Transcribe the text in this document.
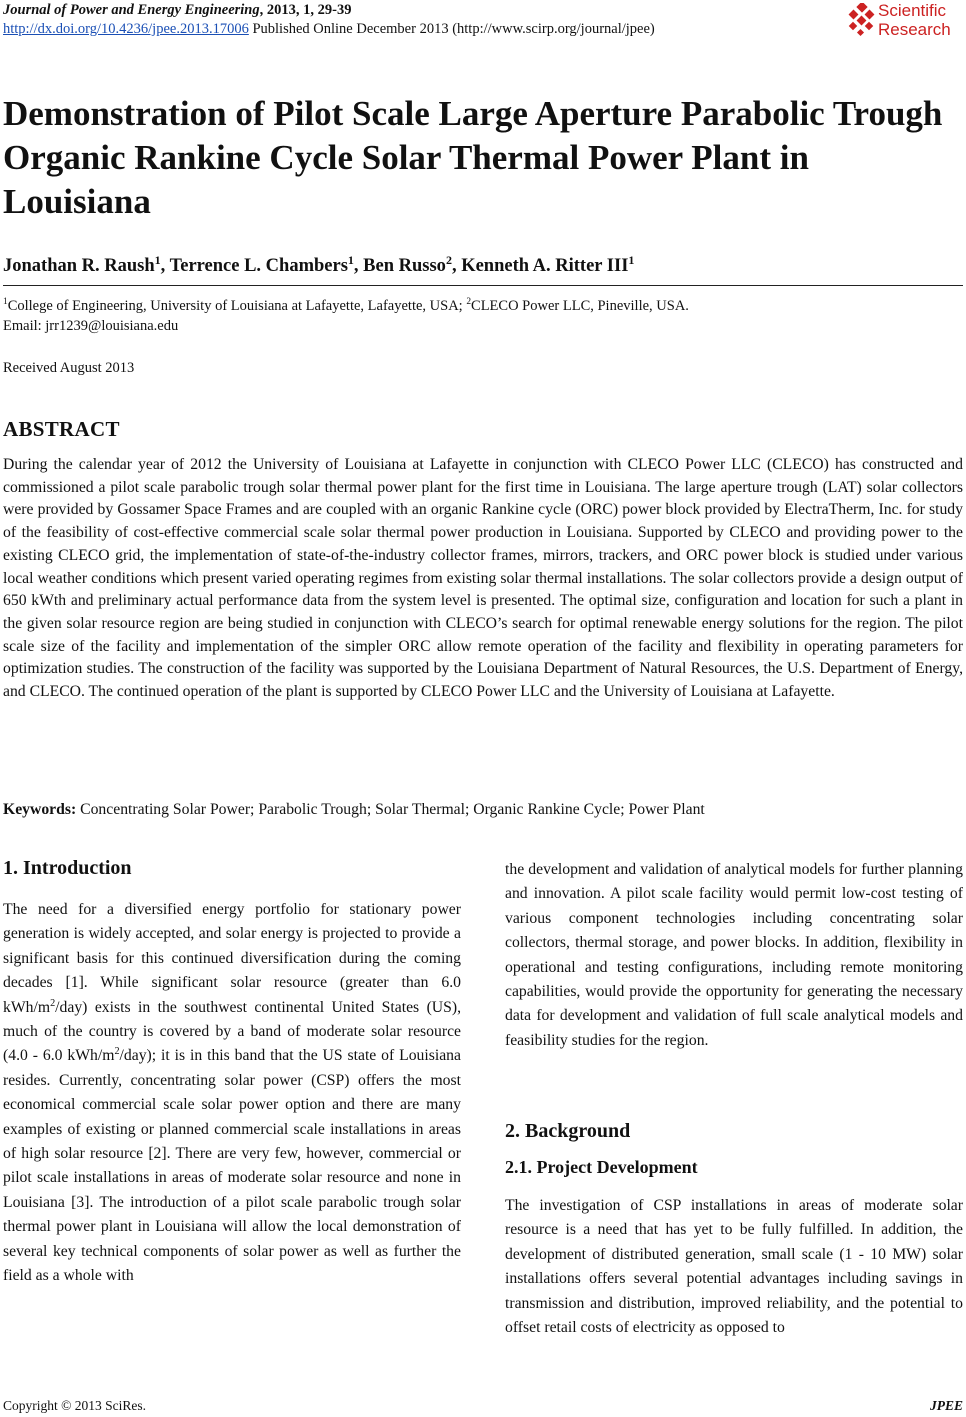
Journal of Power and Energy Engineering, 2013, 1, 29-39
http://dx.doi.org/10.4236/jpee.2013.17006 Published Online December 2013 (http://www.scirp.org/journal/jpee)
Scientific
Research
Demonstration of Pilot Scale Large Aperture Parabolic Trough Organic Rankine Cycle Solar Thermal Power Plant in Louisiana
Jonathan R. Raush$^1$, Terrence L. Chambers$^1$, Ben Russo$^2$, Kenneth A. Ritter III$^1$
$^1$College of Engineering, University of Louisiana at Lafayette, Lafayette, USA; $^2$CLECO Power LLC, Pineville, USA.
Email: jrr1239@louisiana.edu
Received August 2013
ABSTRACT

During the calendar year of 2012 the University of Louisiana at Lafayette in conjunction with CLECO Power LLC (CLECO) has constructed and commissioned a pilot scale parabolic trough solar thermal power plant for the first time in Louisiana. The large aperture trough (LAT) solar collectors were provided by Gossamer Space Frames and are coupled with an organic Rankine cycle (ORC) power block provided by ElectraTherm, Inc. for study of the feasibility of cost-effective commercial scale solar thermal power production in Louisiana. Supported by CLECO and providing power to the existing CLECO grid, the implementation of state-of-the-industry collector frames, mirrors, trackers, and ORC power block is studied under various local weather conditions which present varied operating regimes from existing solar thermal installations. The solar collectors provide a design output of 650 kWth and preliminary actual performance data from the system level is presented. The optimal size, configuration and location for such a plant in the given solar resource region are being studied in conjunction with CLECO’s search for optimal renewable energy solutions for the region. The pilot scale size of the facility and implementation of the simpler ORC allow remote operation of the facility and flexibility in operating parameters for optimization studies. The construction of the facility was supported by the Louisiana Department of Natural Resources, the U.S. Department of Energy, and CLECO. The continued operation of the plant is supported by CLECO Power LLC and the University of Louisiana at Lafayette.

Keywords: Concentrating Solar Power; Parabolic Trough; Solar Thermal; Organic Rankine Cycle; Power Plant
1. Introduction

The need for a diversified energy portfolio for stationary power generation is widely accepted, and solar energy is projected to provide a significant basis for this continued diversification during the coming decades [1]. While significant solar resource (greater than 6.0 kWh/$m^2/day$) exists in the southwest continental United States (US), much of the country is covered by a band of moderate solar resource (4.0 - 6.0 kWh/$m^2/day$); it is in this band that the US state of Louisiana resides. Currently, concentrating solar power (CSP) offers the most economical commercial scale solar power option and there are many examples of existing or planned commercial scale installations in areas of high solar resource [2]. There are very few, however, commercial or pilot scale installations in areas of moderate solar resource and none in Louisiana [3]. The introduction of a pilot scale parabolic trough solar thermal power plant in Louisiana will allow the local demonstration of several key technical components of solar power as well as further the field as a whole with

the development and validation of analytical models for further planning and innovation. A pilot scale facility would permit low-cost testing of various component technologies including concentrating solar collectors, thermal storage, and power blocks. In addition, flexibility in operational and testing configurations, including remote monitoring capabilities, would provide the opportunity for generating the necessary data for development and validation of full scale analytical models and feasibility studies for the region.

2. Background
2.1. Project Development

The investigation of CSP installations in areas of moderate solar resource is a need that has yet to be fully fulfilled. In addition, the development of distributed generation, small scale (1 - 10 MW) solar installations offers several potential advantages including savings in transmission and distribution, improved reliability, and the potential to offset retail costs of electricity as opposed to

Copyright © 2013 SciRes.	JPEE
